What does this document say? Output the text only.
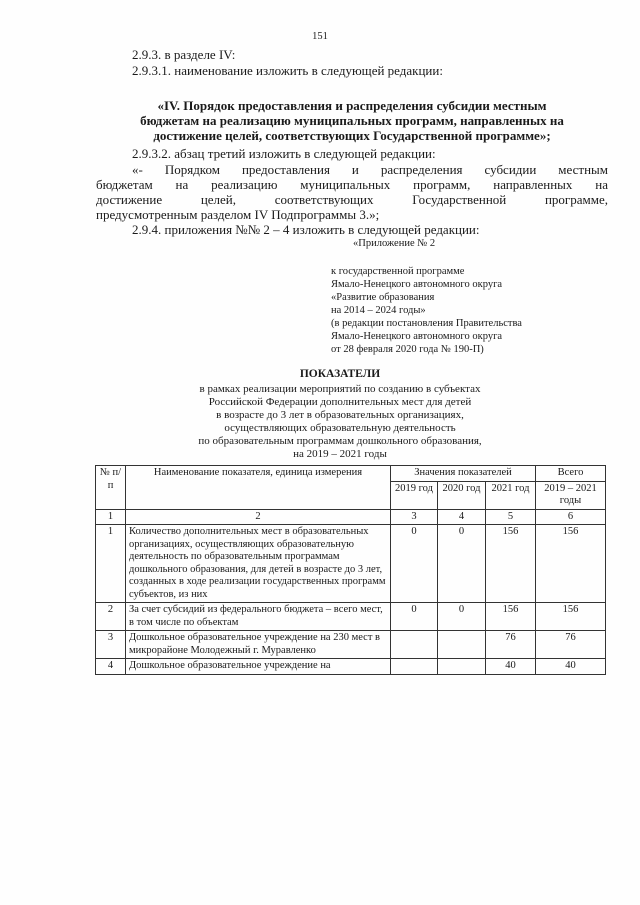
151
2.9.3. в разделе IV:
2.9.3.1. наименование изложить в следующей редакции:
«IV. Порядок предоставления и распределения субсидии местным
бюджетам на реализацию муниципальных программ, направленных на
достижение целей, соответствующих Государственной программе»;
2.9.3.2. абзац третий изложить в следующей редакции:
«- Порядком предоставления и распределения субсидии местным
бюджетам на реализацию муниципальных программ, направленных на
достижение целей, соответствующих Государственной программе,
предусмотренным разделом IV Подпрограммы 3.»;
2.9.4. приложения №№ 2 – 4 изложить в следующей редакции:
«Приложение № 2
к государственной программе
Ямало-Ненецкого автономного округа
«Развитие образования
на 2014 – 2024 годы»
(в редакции постановления Правительства
Ямало-Ненецкого автономного округа
от 28 февраля 2020 года № 190-П)
ПОКАЗАТЕЛИ
в рамках реализации мероприятий по созданию в субъектах
Российской Федерации дополнительных мест для детей
в возрасте до 3 лет в образовательных организациях,
осуществляющих образовательную деятельность
по образовательным программам дошкольного образования,
на 2019 – 2021 годы
№ п/п	Наименование показателя, единица измерения	Значения показателей			Всего
		2019 год	2020 год	2021 год	2019 – 2021 годы
1	2	3	4	5	6
1	Количество дополнительных мест в образовательных организациях, осуществляющих образовательную деятельность по образовательным программам дошкольного образования, для детей в возрасте до 3 лет, созданных в ходе реализации государственных программ субъектов, из них	0	0	156	156
2	За счет субсидий из федерального бюджета – всего мест, в том числе по объектам	0	0	156	156
3	Дошкольное образовательное учреждение на 230 мест в микрорайоне Молодежный г. Муравленко			76	76
4	Дошкольное образовательное учреждение на			40	40
